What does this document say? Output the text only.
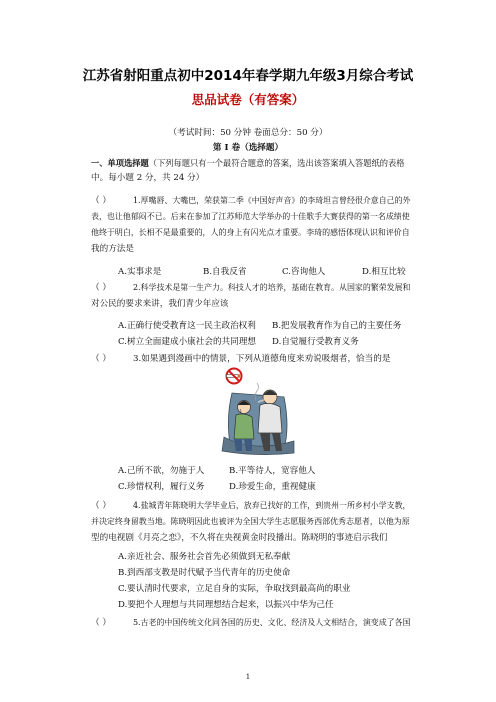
江苏省射阳重点初中2014年春学期九年级3月综合考试
思品试卷（有答案）
（考试时间：50 分钟 卷面总分：50 分）
第 I 卷（选择题）
一、单项选择题（下列每题只有一个最符合题意的答案，选出该答案填入答题纸的表格
中。每小题 2 分，共 24 分）
（ ）	1.厚嘴唇、大嘴巴，荣获第二季《中国好声音》的李琦坦言曾经很介意自己的外
表，也让他郁闷不已。后来在参加了江苏师范大学举办的十佳歌手大赛获得的第一名成绩使
他终于明白，长相不是最重要的，人的身上有闪光点才重要。李琦的感悟体现认识和评价自
我的方法是
A.实事求是	B.自我反省	C.咨询他人	D.相互比较
（ ）	2.科学技术是第一生产力。科技人才的培养，基础在教育。从国家的繁荣发展和
对公民的要求来讲，我们青少年应该
A.正确行使受教育这一民主政治权利 B.把发展教育作为自己的主要任务
C.树立全面建成小康社会的共同理想 D.自觉履行受教育义务
（ ）	3.如果遇到漫画中的情景，下列从道德角度来劝说吸烟者，恰当的是
A.己所不欲，勿施于人	B.平等待人，宽容他人
C.珍惜权利，履行义务	D.珍爱生命，重视健康
（ ）	4.盐城青年陈晓明大学毕业后，放弃已找好的工作，到贵州一所乡村小学支教，
并决定终身留教当地。陈晓明因此也被评为全国大学生志愿服务西部优秀志愿者，以他为原
型的电视剧《月亮之恋》，不久将在央视黄金时段播出。陈晓明的事迹启示我们
A.亲近社会、服务社会首先必须做到无私奉献
B.到西部支教是时代赋予当代青年的历史使命
C.要认清时代要求，立足自身的实际，争取找到最高尚的职业
D.要把个人理想与共同理想结合起来，以振兴中华为己任
（ ）	5.古老的中国传统文化同各国的历史、文化、经济及人文相结合，演变成了各国
1
